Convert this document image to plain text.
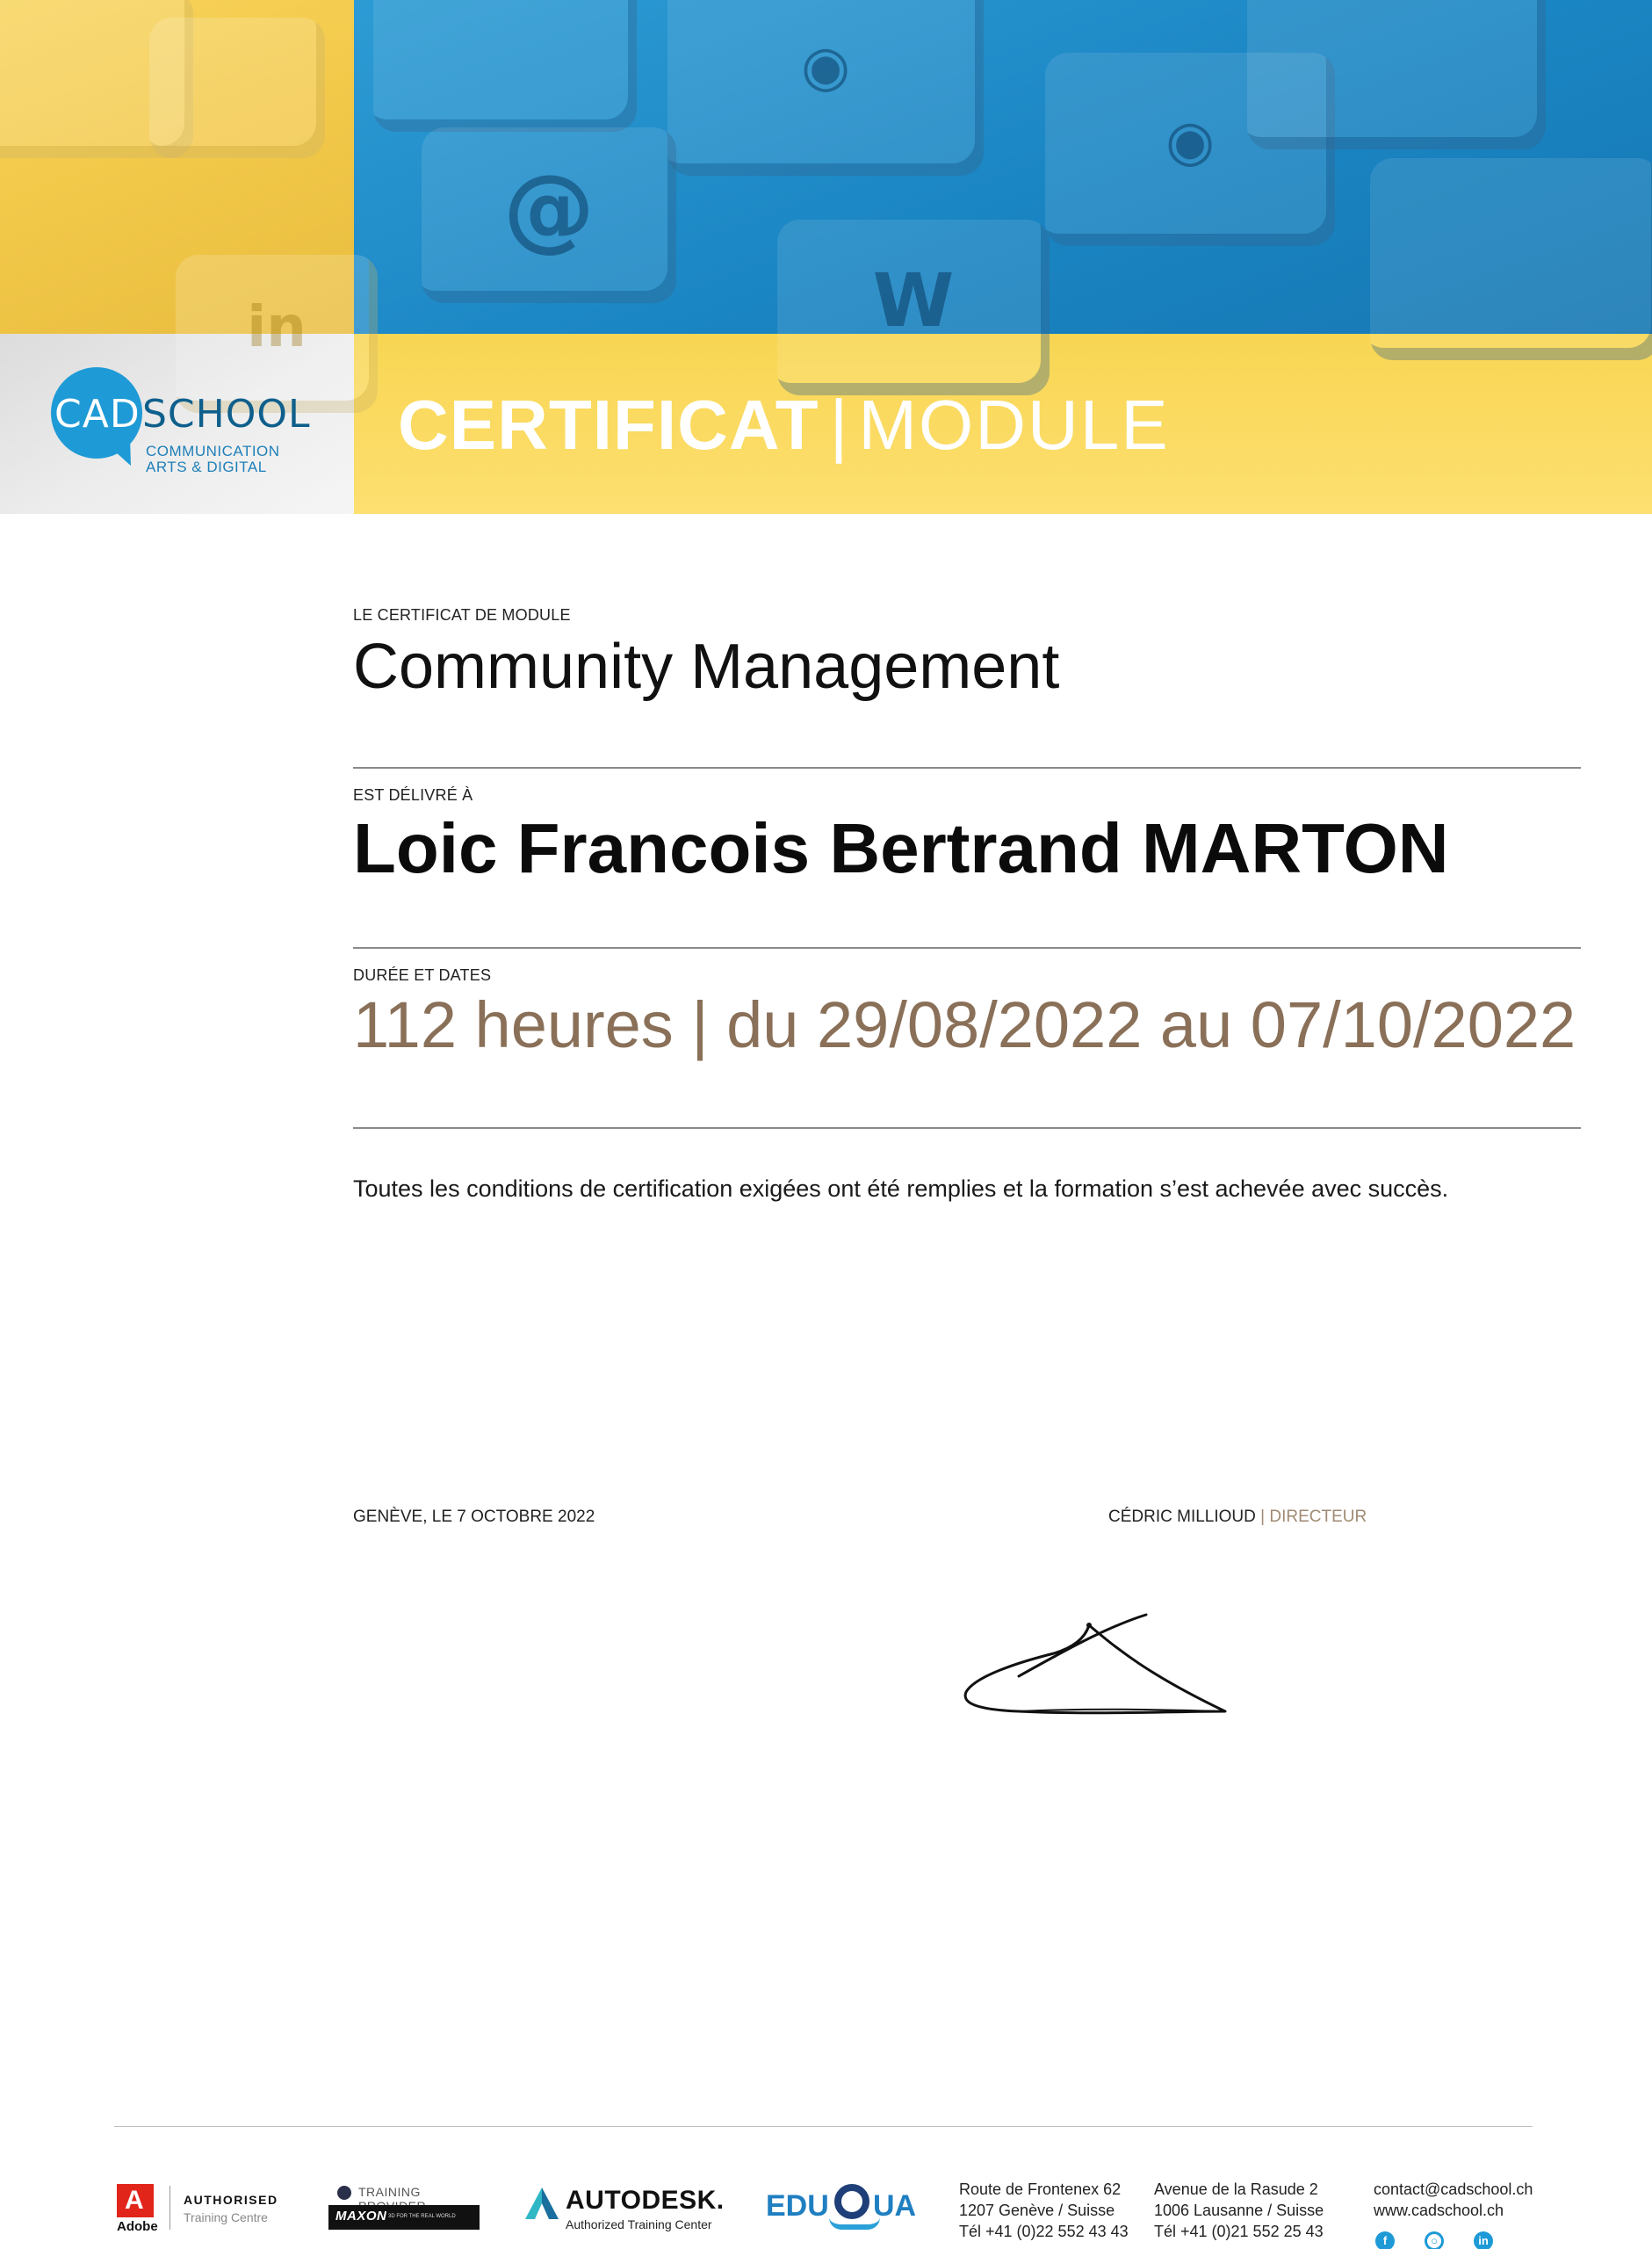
◉
@
W
◉
in
CAD SCHOOL
COMMUNICATION
ARTS & DIGITAL
CERTIFICAT | MODULE
LE CERTIFICAT DE MODULE
Community Management
EST DÉLIVRÉ À
Loic Francois Bertrand MARTON
DURÉE ET DATES
112 heures | du 29/08/2022 au 07/10/2022
Toutes les conditions de certification exigées ont été remplies et la formation s’est achevée avec succès.
GENÈVE, LE 7 OCTOBRE 2022	CÉDRIC MILLIOUD | DIRECTEUR
A
Adobe
AUTHORISED
Training Centre
TRAINING
MAXON 3D FOR THE REAL WORLD
AUTODESK.
Authorized Training Center
EDU UA	Route de Frontenex 62
1207 Genève / Suisse
Tél +41 (0)22 552 43 43
Avenue de la Rasude 2
1006 Lausanne / Suisse
Tél +41 (0)21 552 25 43
contact@cadschool.ch
www.cadschool.ch
f	○	in
